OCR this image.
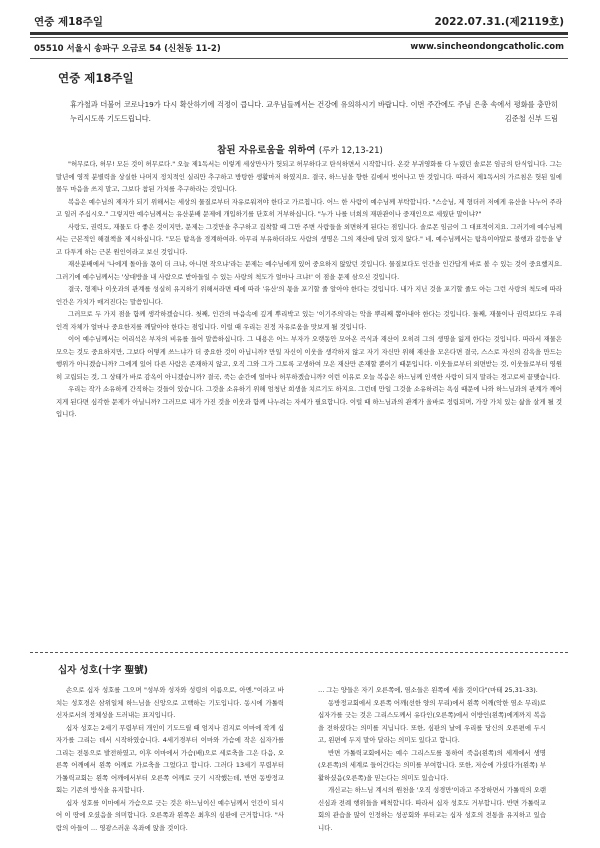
연중 제18주일	2022.07.31.(제2119호)
05510 서울시 송파구 오금로 54 (신천동 11-2)	www.sincheondongcatholic.com
연중 제18주일
휴가철과 더불어 코로나19가 다시 확산하기에 걱정이 큽니다. 교우님들께서는 건강에 유의하시기 바랍니다. 이번 주간에도 주님 은총 속에서 평화를 충만히 누리시도록 기도드립니다.	김준철 신부 드림
참된 자유로움을 위하여 (루카 12,13-21)

"허무로다, 허무! 모든 것이 허무로다." 오늘 제1독서는 이렇게 세상만사가 헛되고 허무하다고 탄식하면서 시작합니다. 온갖 부귀영화를 다 누렸던 솔로몬 임금의 탄식입니다. 그는 말년에 영적 분별력을 상실한 나머지 정치적인 실리만 추구하고 방탕한 생활마저 하였지요. 결국, 하느님을 향한 길에서 벗어나고 만 것입니다. 따라서 제1독서의 가르침은 헛된 일에 몰두 마음을 쓰지 말고, 그보다 참된 가치를 추구하라는 것입니다.

복음은 예수님의 제자가 되기 위해서는 세상의 물질로부터 자유로워져야 한다고 가르칩니다. 어느 한 사람이 예수님께 부탁합니다. "스승님, 제 형더러 저에게 유산을 나누어 주라고 일러 주십시오." 그렇지만 예수님께서는 유산분배 문제에 개입하기를 단호히 거부하십니다. "누가 나를 너희의 재판관이나 중재인으로 세웠단 말이냐?"

사랑도, 권력도, 재물도 다 좋은 것이지만, 문제는 그것만을 추구하고 집착할 때 그만 주변 사람들을 외면하게 된다는 점입니다. 솔로몬 임금이 그 대표적이지요. 그러기에 예수님께서는 근본적인 해결책을 제시하십니다. "모든 탐욕을 경계하여라. 아무리 부유하더라도 사람의 생명은 그의 재산에 달려 있지 않다." 네, 예수님께서는 탐욕이야말로 불행과 갈등을 낳고 다투게 하는 근본 원인이라고 보신 것입니다.

재산분배에서 '나에게 돌아올 몫이 더 크냐, 아니면 작으냐'라는 문제는 예수님에게 있어 중요하지 않았던 것입니다. 물질보다도 인간을 인간답게 바로 볼 수 있는 것이 중요했지요. 그러기에 예수님께서는 '상대방을 내 사람으로 받아들일 수 있는 사랑의 척도가 얼마나 크냐!' 이 점을 문제 삼으신 것입니다.

결국, 형제나 이웃과의 관계를 성실히 유지하기 위해서라면 때에 따라 '유산'의 몫을 포기할 줄 알아야 한다는 것입니다. 내가 지닌 것을 포기할 줄도 아는 그런 사랑의 척도에 따라 인간은 가치가 매겨진다는 말씀입니다.

그러므로 두 가지 점을 함께 생각하겠습니다. 첫째, 인간의 마음속에 깊게 뿌리박고 있는 '이기주의'라는 악을 뿌리째 뽑아내야 한다는 것입니다. 둘째, 재물이나 권력보다도 우리 인격 자체가 얼마나 중요한지를 깨달아야 한다는 점입니다. 이럴 때 우리는 진정 자유로움을 맛보게 될 것입니다.

이어 예수님께서는 어리석은 부자의 비유를 들어 말씀하십니다. 그 내용은 어느 부자가 오랫동안 모아온 곡식과 재산이 오히려 그의 생명을 잃게 한다는 것입니다. 따라서 재물은 모으는 것도 중요하지만, 그보다 어떻게 쓰느냐가 더 중요한 것이 아닙니까? 만일 자신이 이웃을 생각하지 않고 자기 자신만 위해 재산을 모은다면 결국, 스스로 자신의 감옥을 만드는 행위가 아니겠습니까? 그에게 있어 다른 사람은 존재하지 않고, 오직 그와 그가 그토록 고생하여 모은 재산만 존재할 뿐이기 때문입니다. 이웃들로부터 외면받는 것, 이웃들로부터 영원히 고립되는 것, 그 상태가 바로 감옥이 아니겠습니까? 결국, 죽는 순간에 얼마나 허무하겠습니까? 이런 이유로 오늘 복음은 하느님께 인색한 사람이 되지 말라는 경고로써 끝맺습니다.

우리는 작가 소유하게 간직하는 것들이 있습니다. 그것을 소유하기 위해 엄청난 희생을 치르기도 하지요. 그런데 만일 그것을 소유하려는 욕심 때문에 나와 하느님과의 관계가 깨어지게 된다면 심각한 문제가 아닐니까? 그러므로 내가 가진 것을 이웃과 함께 나누려는 자세가 필요합니다. 이럴 때 하느님과의 관계가 올바로 정립되며, 가장 가치 있는 삶을 살게 될 것입니다.

십자 성호(十字 聖號)

손으로 십자 성호를 그으며 "성부와 성자와 성령의 이름으로, 아멘."이라고 바치는 성호경은 삼위일체 하느님을 신앙으로 고백하는 기도입니다. 동시에 가톨릭 신자로서의 정체성을 드러내는 표지입니다.

십자 성호는 2세기 무렵부터 개인이 기도드릴 때 엄지나 검지로 이마에 작게 십자가를 그리는 데서 시작하였습니다. 4세기경부터 이마와 가슴에 작은 십자가를 그리는 전통으로 발전하였고, 이후 이마에서 가슴(배)으로 세로축을 그은 다음, 오른쪽 어깨에서 왼쪽 어깨로 가로축을 그었다고 합니다. 그러다 13세기 무렵부터 가톨릭교회는 왼쪽 어깨에서부터 오른쪽 어깨로 긋기 시작했는데, 반면 동방정교회는 기존의 방식을 유지합니다.

십자 성호를 이마에서 가슴으로 긋는 것은 하느님이신 예수님께서 인간이 되시어 이 땅에 오셨음을 의미합니다. 오른쪽과 왼쪽은 최후의 심판에 근거합니다. "사람의 아들이 … 영광스러운 옥좌에 앉을 것이다.

… 그는 양들은 자기 오른쪽에, 염소들은 왼쪽에 세울 것이다"(마태 25,31-33).

동방정교회에서 오른쪽 어깨(선한 양의 무리)에서 왼쪽 어깨(악한 염소 무리)로 십자가를 긋는 것은 그리스도께서 유다인(오른쪽)에서 이방인(왼쪽)에게까지 복음을 전하셨다는 의미를 지닙니다. 또한, 심판의 날에 우리를 당신의 오른편에 두시고, 왼편에 두지 말아 달라는 의미도 있다고 합니다.

반면 가톨릭교회에서는 예수 그리스도를 통하여 죽음(왼쪽)의 세계에서 생명(오른쪽)의 세계로 들어간다는 의미를 부여합니다. 또한, 저승에 가셨다가(왼쪽) 부활하셨음(오른쪽)을 믿는다는 의미도 있습니다.

개신교는 하느님 계시의 원천을 '오직 성경만'이라고 주장하면서 가톨릭의 오랜 신심과 전례 행위들을 배척합니다. 따라서 십자 성호도 거부합니다. 반면 가톨릭교회의 관습을 많이 인정하는 성공회와 루터교는 십자 성호의 전통을 유지하고 있습니다.
